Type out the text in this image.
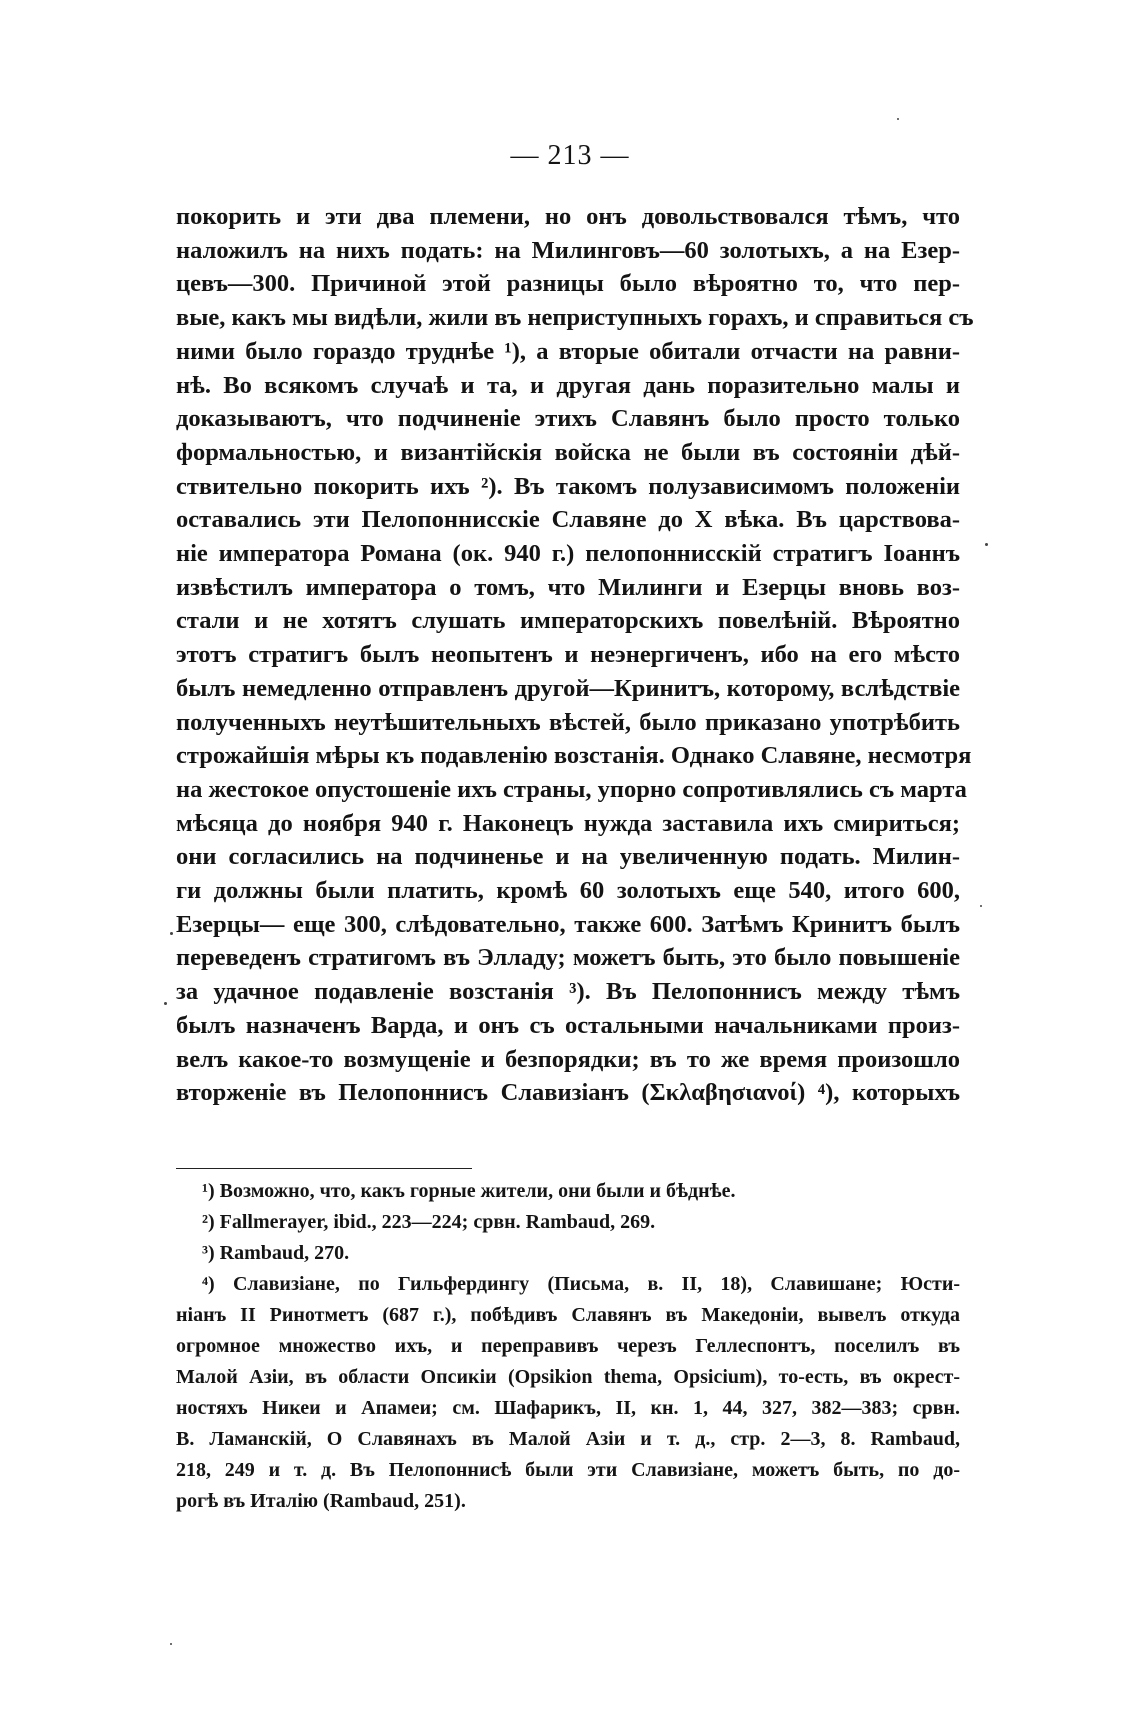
— 213 —
покорить и эти два племени, но онъ довольствовался тѣмъ, что
наложилъ на нихъ подать: на Милинговъ—60 золотыхъ, а на Езер-
цевъ—300. Причиной этой разницы было вѣроятно то, что пер-
вые, какъ мы видѣли, жили въ неприступныхъ горахъ, и справиться съ
ними было гораздо труднѣе ¹), а вторые обитали отчасти на равни-
нѣ. Во всякомъ случаѣ и та, и другая дань поразительно малы и
доказываютъ, что подчиненіе этихъ Славянъ было просто только
формальностью, и византійскія войска не были въ состояніи дѣй-
ствительно покорить ихъ ²). Въ такомъ полузависимомъ положеніи
оставались эти Пелопоннисскіе Славяне до X вѣка. Въ царствова-
ніе императора Романа (ок. 940 г.) пелопоннисскій стратигъ Іоаннъ
извѣстилъ императора о томъ, что Милинги и Езерцы вновь воз-
стали и не хотятъ слушать императорскихъ повелѣній. Вѣроятно
этотъ стратигъ былъ неопытенъ и неэнергиченъ, ибо на его мѣсто
былъ немедленно отправленъ другой—Кринитъ, которому, вслѣдствіе
полученныхъ неутѣшительныхъ вѣстей, было приказано употрѣбить
строжайшія мѣры къ подавленію возстанія. Однако Славяне, несмотря
на жестокое опустошеніе ихъ страны, упорно сопротивлялись съ марта
мѣсяца до ноября 940 г. Наконецъ нужда заставила ихъ смириться;
они согласились на подчиненье и на увеличенную подать. Милин-
ги должны были платить, кромѣ 60 золотыхъ еще 540, итого 600,
Езерцы— еще 300, слѣдовательно, также 600. Затѣмъ Кринитъ былъ
переведенъ стратигомъ въ Элладу; можетъ быть, это было повышеніе
за удачное подавленіе возстанія ³). Въ Пелопоннисъ между тѣмъ
былъ назначенъ Варда, и онъ съ остальными начальниками произ-
велъ какое-то возмущеніе и безпорядки; въ то же время произошло
вторженіе въ Пелопоннисъ Славизіанъ (Σκλαβησιανοί) ⁴), которыхъ
¹) Возможно, что, какъ горные жители, они были и бѣднѣе.
²) Fallmerayer, ibid., 223—224; срвн. Rambaud, 269.
³) Rambaud, 270.
⁴) Славизіане, по Гильфердингу (Письма, в. II, 18), Славишане; Юсти-
ніанъ II Ринотметъ (687 г.), побѣдивъ Славянъ въ Македоніи, вывелъ откуда
огромное множество ихъ, и переправивъ черезъ Геллеспонтъ, поселилъ въ
Малой Азіи, въ области Опсикіи (Opsikion thema, Opsicium), то-есть, въ окрест-
ностяхъ Никеи и Апамеи; см. Шафарикъ, II, кн. 1, 44, 327, 382—383; срвн.
В. Ламанскій, О Славянахъ въ Малой Азіи и т. д., стр. 2—3, 8. Rambaud,
218, 249 и т. д. Въ Пелопоннисѣ были эти Славизіане, можетъ быть, по до-
рогѣ въ Италію (Rambaud, 251).
